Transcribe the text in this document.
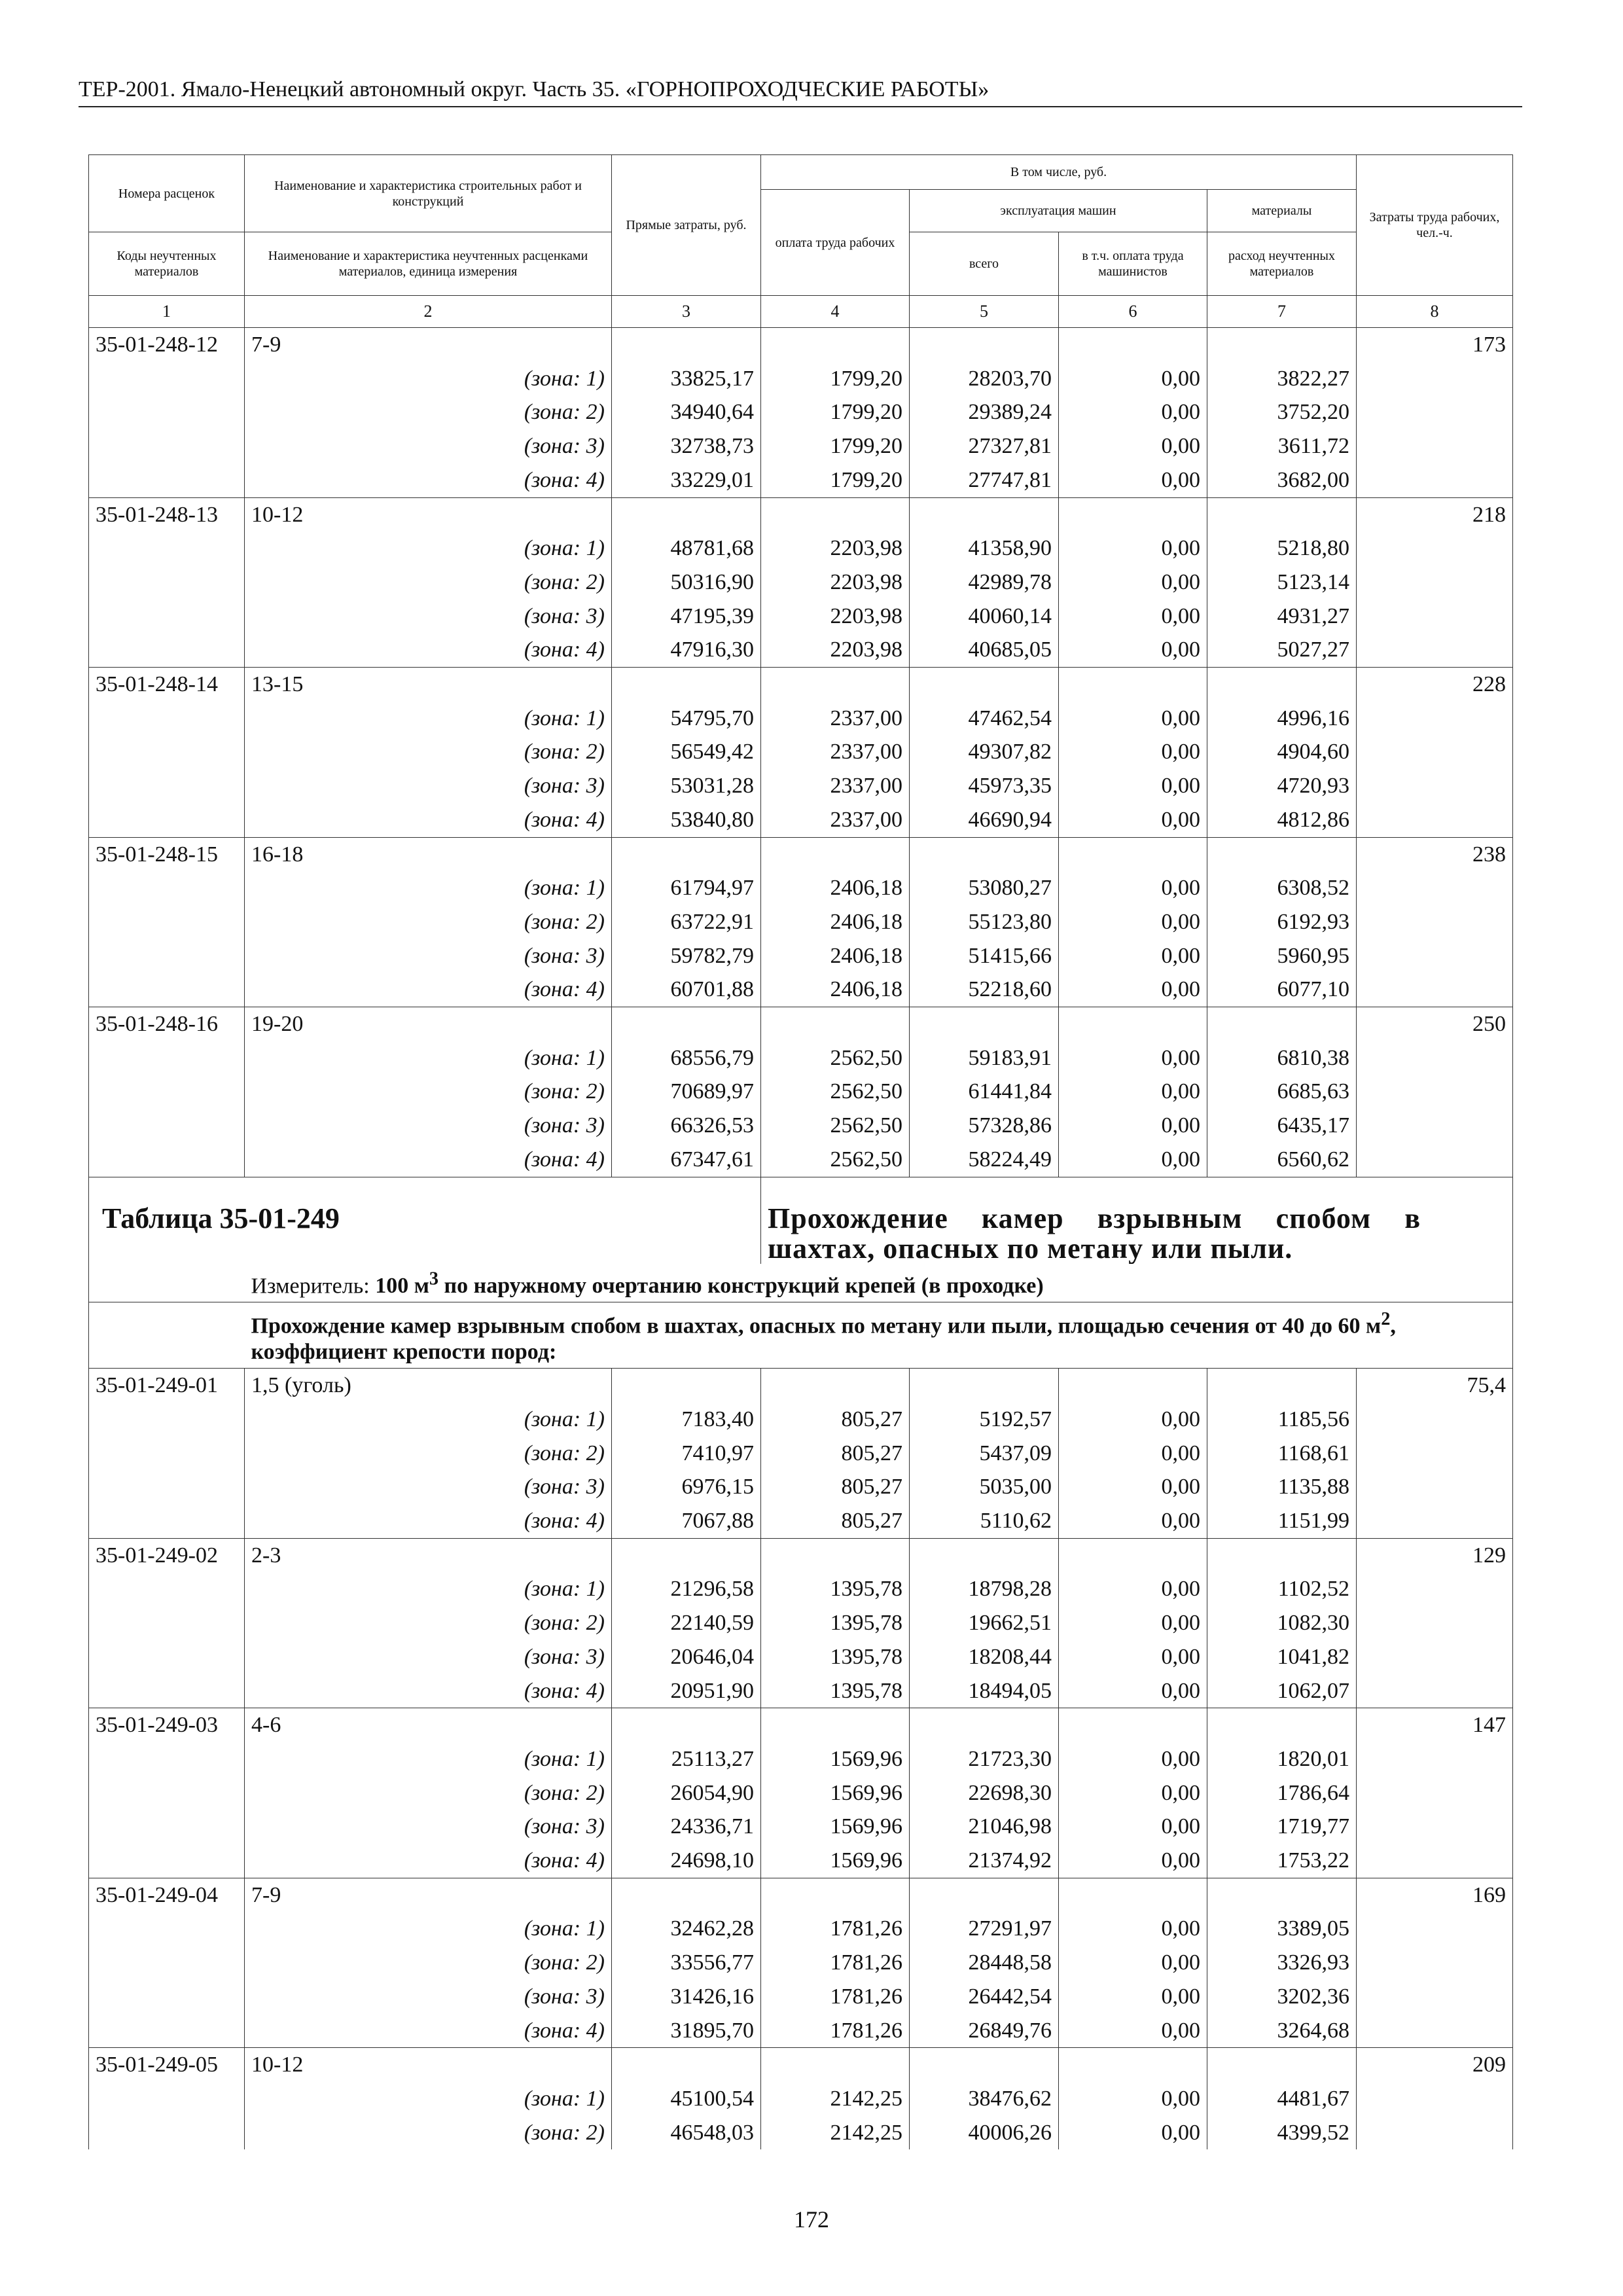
ТЕР-2001. Ямало-Ненецкий автономный округ. Часть 35. «ГОРНОПРОХОДЧЕСКИЕ РАБОТЫ»
Номера расценок	Наименование и характеристика строительных работ и конструкций	Прямые затраты, руб.	В том числе, руб.				Затраты труда рабочих, чел.-ч.
			оплата труда рабочих	эксплуатация машин		материалы	
Коды неучтенных материалов	Наименование и характеристика неучтенных расценками материалов, единица измерения			всего	в т.ч. оплата труда машинистов	расход неучтенных материалов	

1	2	3	4	5	6	7	8
35-01-248-12	7-9						173
	(зона: 1)	33825,17	1799,20	28203,70	0,00	3822,27	
	(зона: 2)	34940,64	1799,20	29389,24	0,00	3752,20	
	(зона: 3)	32738,73	1799,20	27327,81	0,00	3611,72	
	(зона: 4)	33229,01	1799,20	27747,81	0,00	3682,00	
35-01-248-13	10-12						218
	(зона: 1)	48781,68	2203,98	41358,90	0,00	5218,80	
	(зона: 2)	50316,90	2203,98	42989,78	0,00	5123,14	
	(зона: 3)	47195,39	2203,98	40060,14	0,00	4931,27	
	(зона: 4)	47916,30	2203,98	40685,05	0,00	5027,27	
35-01-248-14	13-15						228
	(зона: 1)	54795,70	2337,00	47462,54	0,00	4996,16	
	(зона: 2)	56549,42	2337,00	49307,82	0,00	4904,60	
	(зона: 3)	53031,28	2337,00	45973,35	0,00	4720,93	
	(зона: 4)	53840,80	2337,00	46690,94	0,00	4812,86	
35-01-248-15	16-18						238
	(зона: 1)	61794,97	2406,18	53080,27	0,00	6308,52	
	(зона: 2)	63722,91	2406,18	55123,80	0,00	6192,93	
	(зона: 3)	59782,79	2406,18	51415,66	0,00	5960,95	
	(зона: 4)	60701,88	2406,18	52218,60	0,00	6077,10	
35-01-248-16	19-20						250
	(зона: 1)	68556,79	2562,50	59183,91	0,00	6810,38	
	(зона: 2)	70689,97	2562,50	61441,84	0,00	6685,63	
	(зона: 3)	66326,53	2562,50	57328,86	0,00	6435,17	
	(зона: 4)	67347,61	2562,50	58224,49	0,00	6560,62	
Таблица 35-01-249			Прохождение камер взрывным спобом в шахтах, опасных по метану или пыли.				

	Измеритель: 100 $м^3$ по наружному очертанию конструкций крепей (в проходке)						
	Прохождение камер взрывным спобом в шахтах, опасных по метану или пыли, площадью сечения от 40 до 60 $м^2$, коэффициент крепости пород:						
35-01-249-01	1,5 (уголь)						75,4
	(зона: 1)	7183,40	805,27	5192,57	0,00	1185,56	
	(зона: 2)	7410,97	805,27	5437,09	0,00	1168,61	
	(зона: 3)	6976,15	805,27	5035,00	0,00	1135,88	
	(зона: 4)	7067,88	805,27	5110,62	0,00	1151,99	
35-01-249-02	2-3						129
	(зона: 1)	21296,58	1395,78	18798,28	0,00	1102,52	
	(зона: 2)	22140,59	1395,78	19662,51	0,00	1082,30	
	(зона: 3)	20646,04	1395,78	18208,44	0,00	1041,82	
	(зона: 4)	20951,90	1395,78	18494,05	0,00	1062,07	
35-01-249-03	4-6						147
	(зона: 1)	25113,27	1569,96	21723,30	0,00	1820,01	
	(зона: 2)	26054,90	1569,96	22698,30	0,00	1786,64	
	(зона: 3)	24336,71	1569,96	21046,98	0,00	1719,77	
	(зона: 4)	24698,10	1569,96	21374,92	0,00	1753,22	
35-01-249-04	7-9						169
	(зона: 1)	32462,28	1781,26	27291,97	0,00	3389,05	
	(зона: 2)	33556,77	1781,26	28448,58	0,00	3326,93	
	(зона: 3)	31426,16	1781,26	26442,54	0,00	3202,36	
	(зона: 4)	31895,70	1781,26	26849,76	0,00	3264,68	
35-01-249-05	10-12						209
	(зона: 1)	45100,54	2142,25	38476,62	0,00	4481,67	
	(зона: 2)	46548,03	2142,25	40006,26	0,00	4399,52	
172
